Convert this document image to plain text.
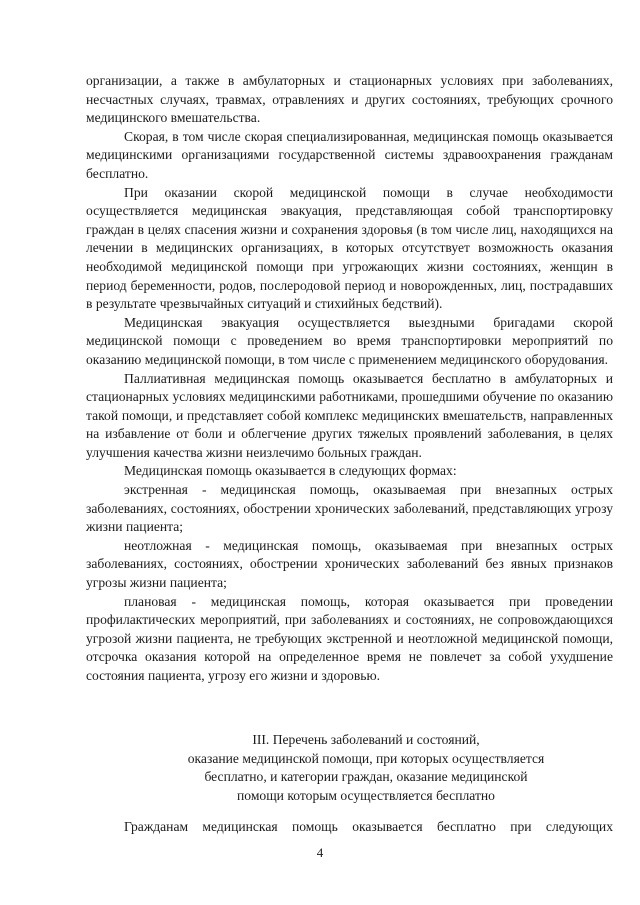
организации, а также в амбулаторных и стационарных условиях при заболеваниях, несчастных случаях, травмах, отравлениях и других состояниях, требующих срочного медицинского вмешательства.

Скорая, в том числе скорая специализированная, медицинская помощь оказывается медицинскими организациями государственной системы здравоохранения гражданам бесплатно.

При оказании скорой медицинской помощи в случае необходимости осуществляется медицинская эвакуация, представляющая собой транспортировку граждан в целях спасения жизни и сохранения здоровья (в том числе лиц, находящихся на лечении в медицинских организациях, в которых отсутствует возможность оказания необходимой медицинской помощи при угрожающих жизни состояниях, женщин в период беременности, родов, послеродовой период и новорожденных, лиц, пострадавших в результате чрезвычайных ситуаций и стихийных бедствий).

Медицинская эвакуация осуществляется выездными бригадами скорой медицинской помощи с проведением во время транспортировки мероприятий по оказанию медицинской помощи, в том числе с применением медицинского оборудования.

Паллиативная медицинская помощь оказывается бесплатно в амбулаторных и стационарных условиях медицинскими работниками, прошедшими обучение по оказанию такой помощи, и представляет собой комплекс медицинских вмешательств, направленных на избавление от боли и облегчение других тяжелых проявлений заболевания, в целях улучшения качества жизни неизлечимо больных граждан.

Медицинская помощь оказывается в следующих формах:

экстренная - медицинская помощь, оказываемая при внезапных острых заболеваниях, состояниях, обострении хронических заболеваний, представляющих угрозу жизни пациента;

неотложная - медицинская помощь, оказываемая при внезапных острых заболеваниях, состояниях, обострении хронических заболеваний без явных признаков угрозы жизни пациента;

плановая - медицинская помощь, которая оказывается при проведении профилактических мероприятий, при заболеваниях и состояниях, не сопровождающихся угрозой жизни пациента, не требующих экстренной и неотложной медицинской помощи, отсрочка оказания которой на определенное время не повлечет за собой ухудшение состояния пациента, угрозу его жизни и здоровью.

III. Перечень заболеваний и состояний,
оказание медицинской помощи, при которых осуществляется
бесплатно, и категории граждан, оказание медицинской
помощи которым осуществляется бесплатно
Гражданам медицинская помощь оказывается бесплатно при следующих
4
